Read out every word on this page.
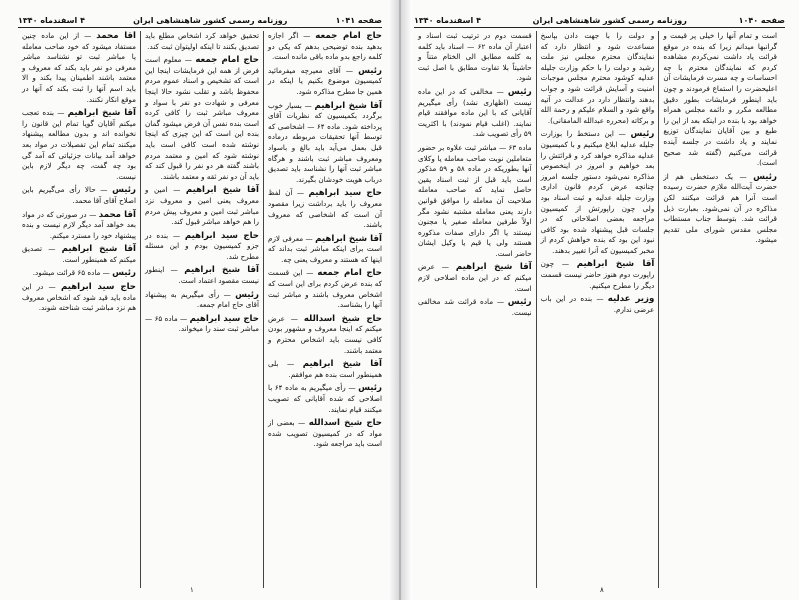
صفحه ۱۰۴۱
روزنامه رسمی کشور شاهنشاهی ایران
۴ اسفندماه ۱۳۴۰

حاج امام جمعه — اگر اجازه بدهید بنده توضیحی بدهم که یکی دو کلمه راجع بدو ماده باقی مانده است.

رئیس — آقای معیرچه میفرمائید کمیسیون موضوع بکنیم یا اینکه در همین جا مطرح مذاکره شود.

آقا شیخ ابراهیم — بسیار خوب برگردد بکمیسیون که نظریات آقای پرداخته شود. ماده ۶۴ — اشخاصی که توسط آنها تحقیقات مربوطه درماده قبل بعمل می‌آید باید بالغ و باسواد ومعروف مباشر ثبت باشند و هرگاه مباشر ثبت آنها را نشناسد باید تصدیق درباب هویت خودشان بگیرند.

حاج سید ابراهیم — آن لفظ معروف را باید برداشت زیرا مقصود آن است که اشخاصی که معروف باشند.

آقا شیخ ابراهیم — معرفی لازم است برای اینکه مباشر ثبت بداند که اینها که هستند و معروف یعنی چه.

حاج امام جمعه — این قسمت که بنده عرض کردم برای این است که اشخاص معروف باشند و مباشر ثبت آنها را بشناسد.

حاج شیخ اسدالله — عرض میکنم که اینجا معروف و مشهور بودن کافی نیست باید اشخاص محترم و معتمد باشند.

آقا شیخ ابراهیم — بلی همینطور است بنده هم موافقم.

رئیس — رأی میگیریم به ماده ۶۴ با اصلاحی که شده آقایانی که تصویب میکنند قیام نمایند.

حاج شیخ اسدالله — بعضی از مواد که در کمیسیون تصویب شده است باید مراجعه شود.

تحقیق خواهد کرد اشخاص مطلع باید تصدیق بکنند تا اینکه اولیتوان ثبت کند.

حاج امام جمعه — معلوم است فرض از همه این فرمایشات اینجا این است که تشخیص و اسناد عموم مردم محفوظ باشد و تقلب نشود حالا اینجا معرفی و شهادت دو نفر با سواد و معروف مباشر ثبت را کافی کرده است بنده نفس آن فرض میشود گمان بنده این است که این چیزی که اینجا نوشته شده است کافی است باید نوشته شود که امین و معتمد مردم باشند گفته هر دو نفر را قبول کند که باید آن دو نفر ثقه و معتمد باشند.

آقا شیخ ابراهیم — امین و معروف یعنی امین و معروف نزد مباشر ثبت امین و معروف پیش مردم را هم خواهد مباشر قبول کند.

حاج سید ابراهیم — بنده در جزو کمیسیون بودم و این مسئله مطرح شد.

آقا شیخ ابراهیم — اینطور نیست مقصود اعتماد است.

رئیس — رأی میگیریم به پیشنهاد آقای حاج امام جمعه.

حاج سید ابراهیم — ماده ۶۵ — مباشر ثبت سند را میخواند.

آقا محمد — از این ماده چنین مستفاد میشود که خود صاحب معامله یا مباشر ثبت تو نشناسد مباشر معرفی دو نفر باید بکند که معروف و معتمد باشند اطمینان پیدا بکند و الا باید اسم آنها را ثبت بکند که آنها در موقع انکار نکنند.

آقا شیخ ابراهیم — بنده تعجب میکنم آقایان گویا تمام این قانون را نخوانده اند و بدون مطالعه پیشنهاد میکنند تمام این تفصیلات در مواد بعد خواهد آمد بیانات جزئیاتی که آمد گی بود چه گفت، چه دیگر لازم باین نیست.

رئیس — حالا رأی می‌گیریم باین اصلاح آقای آقا محمد.

آقا محمد — در صورتی که در مواد بعد خواهد آمد دیگر لازم نیست و بنده پیشنهاد خود را مسترد میکنم.

آقا شیخ ابراهیم — تصدیق میکنم که همینطور است.

رئیس — ماده ۶۵ قرائت میشود.

حاج سید ابراهیم — در این ماده باید قید شود که اشخاص معروف هم نزد مباشر ثبت شناخته شوند.

۱
صفحه ۱۰۴۰
روزنامه رسمی کشور شاهنشاهی ایران
۴ اسفندماه ۱۳۴۰

است و تمام آنها را خیلی پر قیمت و گرانبها میدانم زیرا که بنده در موقع قرائت یاد داشت نمی‌کردم مشاهده کردم که نمایندگان محترم با چه احساسات و چه مسرت فرمایشات آن اعلیحضرت را استماع فرمودند و چون باید اینطور فرمایشات بطور دقیق مطالعه مکرر و دائمه مجلس همراه خواهد بود با بنده در اینکه بعد از این را طبع و بین آقایان نمایندگان توزیع نمایند و یاد داشت در جلسه آینده قرائت می‌کنیم (گفته شد صحیح است).

رئیس — یک دستخطی هم از حضرت آیت‌الله ملازم حضرت رسیده است آنرا هم قرائت میکنند لکن مذاکره در آن نمی‌شود. بعبارت ذیل قرائت شد. بتوسط جناب مستطاب مجلس مقدس شورای ملی تقدیم میشود.

و دولت را با جهت دادن بپاسخ مساعدت شود و انتظار دارد که نمایندگان محترم مجلس نیز ملت رشید و دولت را با حکم وزارت جلیله عدلیه کوشود محترم مجلس موجبات امنیت و آسایش قرائت شود و جواب بدهند وانتظار دارد در عدالت در آتیه واقع شود و السلام علیکم و رحمة الله و برکاته (محرره عبدالله المامقانی).

رئیس — این دستخط را بوزارت جلیله عدلیه ابلاغ میکنیم و با کمیسیون عدلیه مذاکره خواهد کرد و قرائتش را بعد خواهیم و امروز در اینخصوص مذاکره نمی‌شود دستور جلسه امروز چنانچه عرض کردم قانون اداری وزارت جلیله عدلیه و ثبت اسناد بود ولی چون راپورتش از کمیسیون مراجعه بعضی اصلاحاتی که در جلسات قبل پیشنهاد شده بود کافی نبود این بود که بنده خواهش کردم از مخبر کمیسیون که آنرا تغییر بدهند.

آقا شیخ ابراهیم — چون راپورت دوم هنوز حاضر نیست قسمت دیگر را مطرح میکنیم.

وزیر عدلیه — بنده در این باب عرضی ندارم.

قسمت دوم در ترتیب ثبت اسناد و اعتبار آن ماده ۶۲ — اسناد باید کلمه به کلمه مطابق الی الختام متناً و حاشیتاً بلا تفاوت مطابق با اصل ثبت شود.

رئیس — مخالفی که در این ماده نیست (اظهاری نشد) رأی میگیریم آقایانی که با این ماده موافقند قیام نمایند. (اغلب قیام نمودند) با اکثریت ۵۹ رأی تصویب شد.

ماده ۶۳ — مباشر ثبت علاوه بر حضور متعاملین نوبت صاحب معامله یا وکلای آنها بطوریکه در ماده ۵۸ و ۵۹ مذکور است باید قبل از ثبت اسناد یقین حاصل نماید که صاحب معامله صلاحیت آن معامله را موافق قوانین دارند یعنی معامله مشتبه نشود مگر اولاً طرفین معامله صغیر یا مجنون نیستند یا اگر دارای صفات مذکوره هستند ولی یا قیم یا وکیل ایشان حاضر است.

آقا شیخ ابراهیم — عرض میکنم که در این ماده اصلاحی لازم است.

رئیس — ماده قرائت شد مخالفی نیست.

۸
